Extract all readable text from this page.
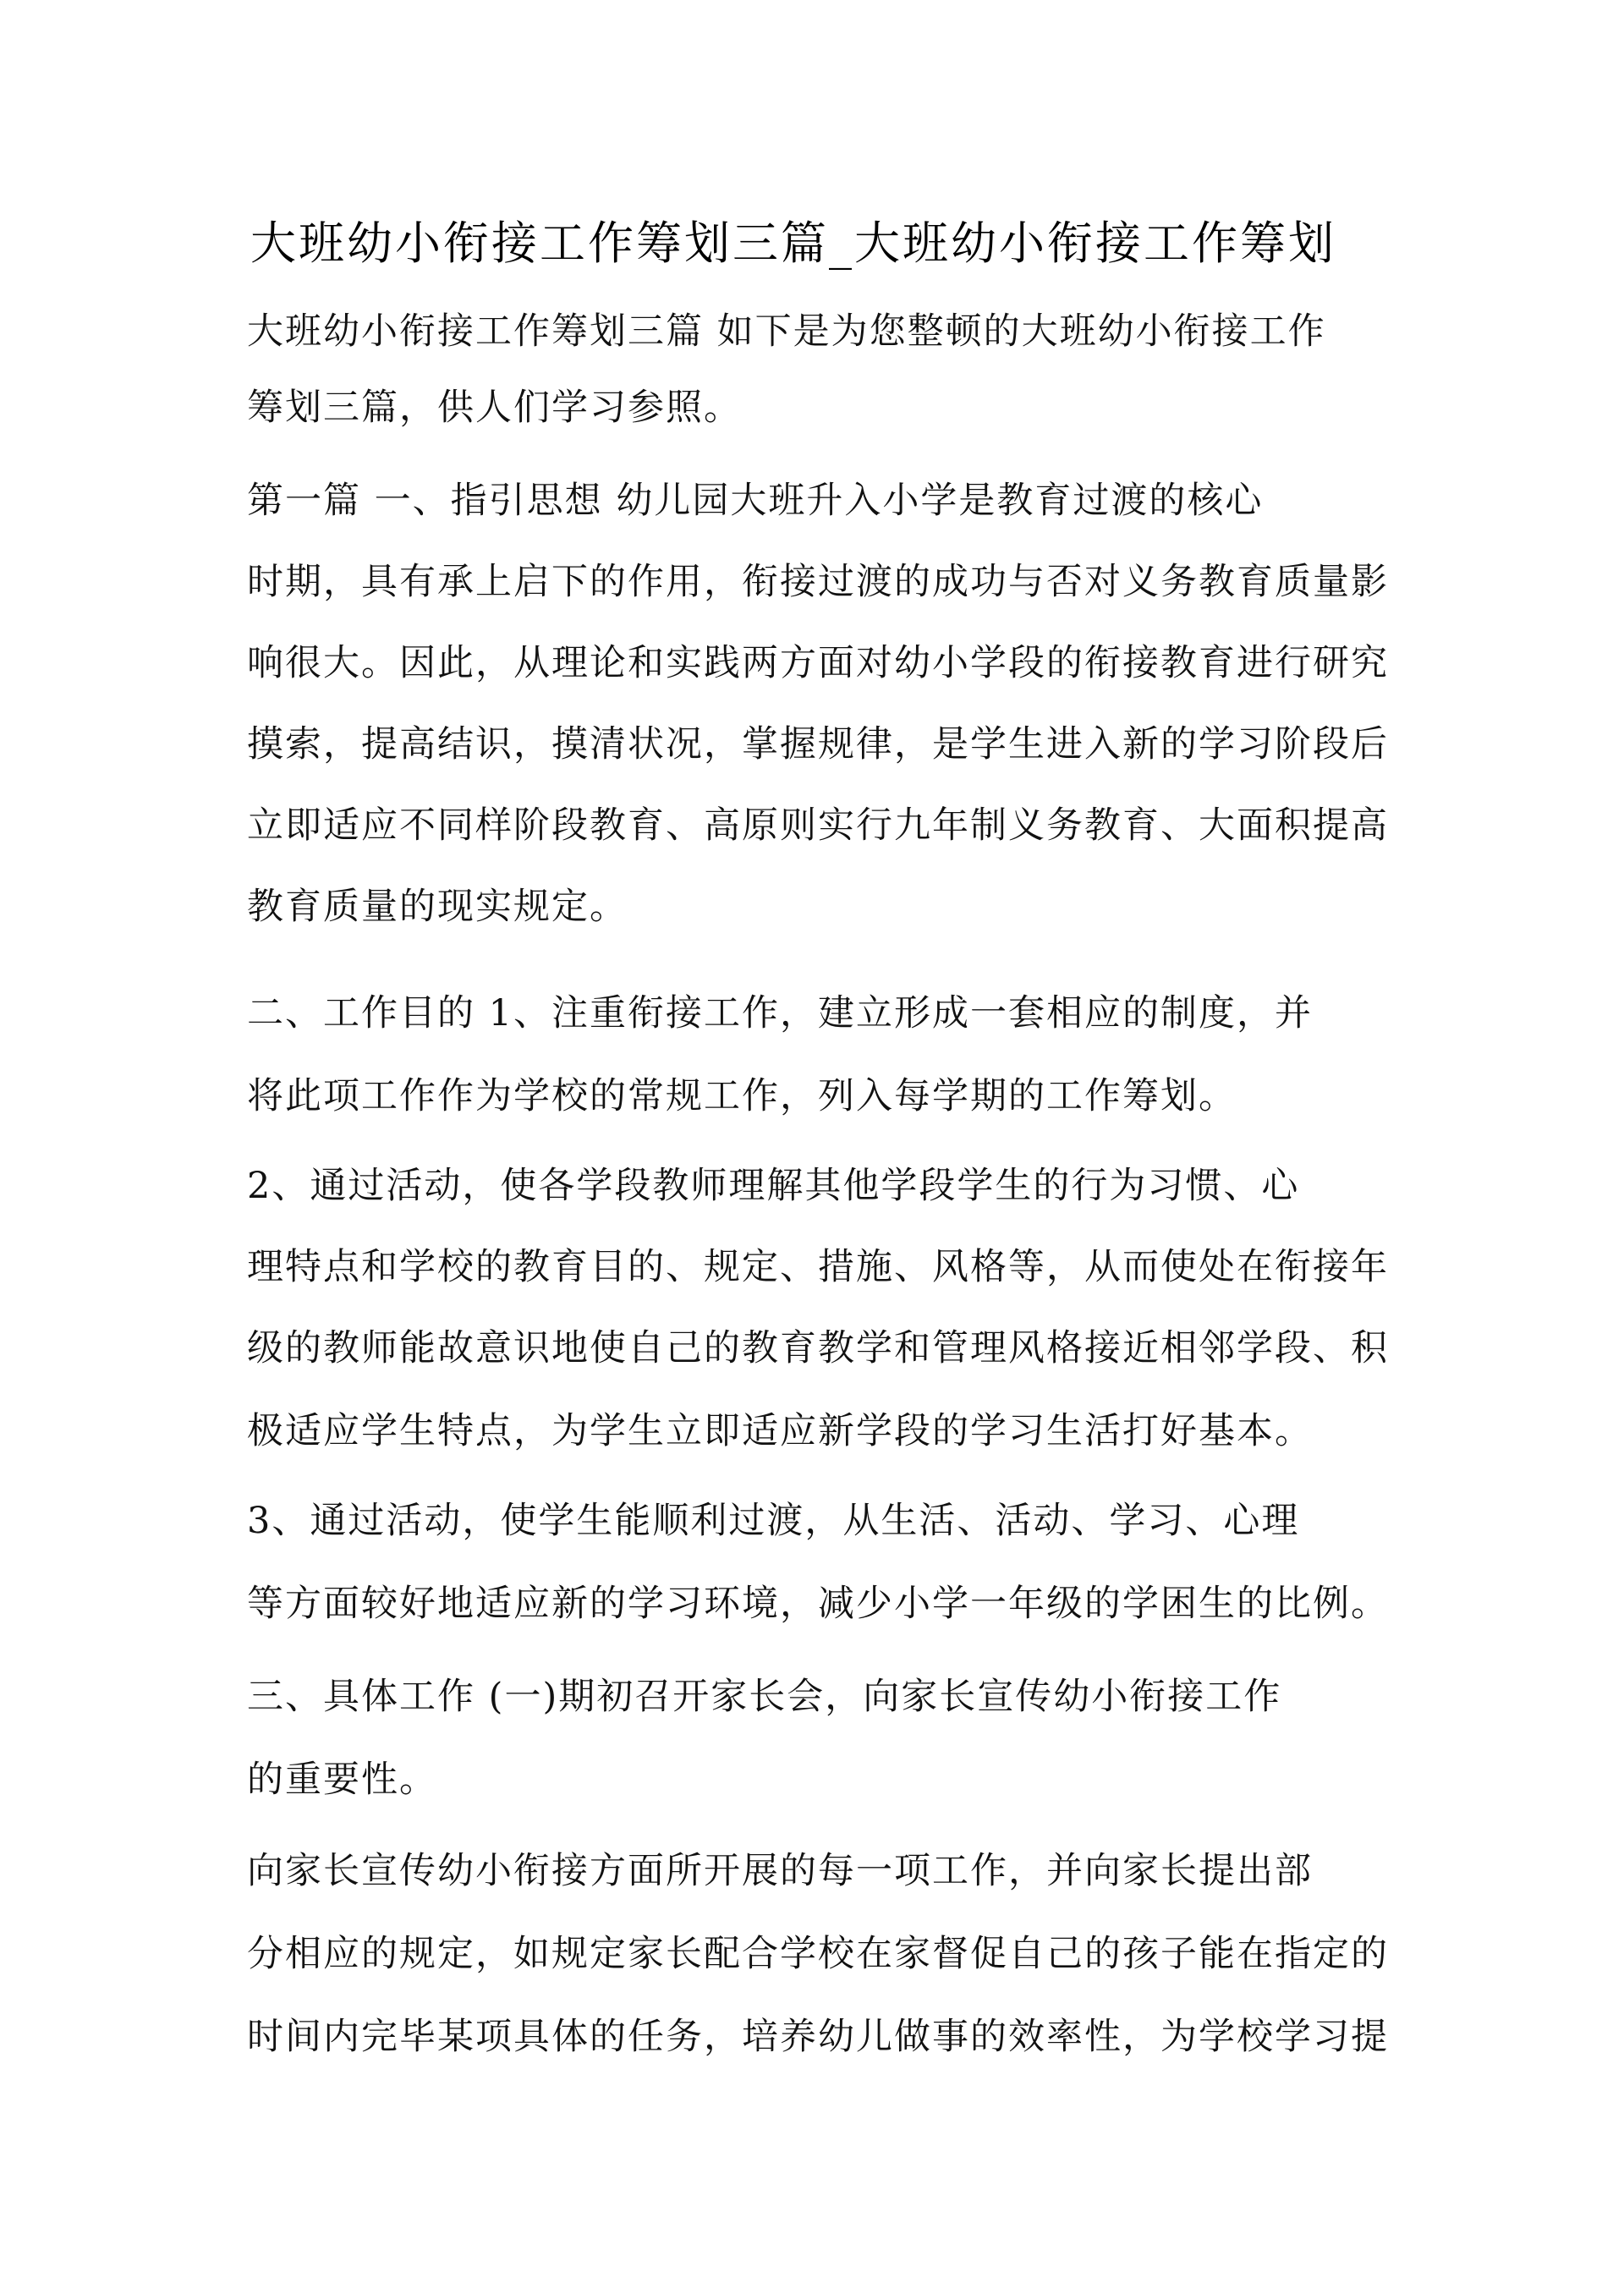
大班幼小衔接工作筹划三篇_大班幼小衔接工作筹划

大班幼小衔接工作筹划三篇 如下是为您整顿的大班幼小衔接工作

筹划三篇，供人们学习参照。

第一篇 一、指引思想 幼儿园大班升入小学是教育过渡的核心

时期，具有承上启下的作用，衔接过渡的成功与否对义务教育质量影

响很大。因此，从理论和实践两方面对幼小学段的衔接教育进行研究

摸索，提高结识，摸清状况，掌握规律，是学生进入新的学习阶段后

立即适应不同样阶段教育、高原则实行九年制义务教育、大面积提高

教育质量的现实规定。

二、工作目的 1、注重衔接工作，建立形成一套相应的制度，并

将此项工作作为学校的常规工作，列入每学期的工作筹划。

2、通过活动，使各学段教师理解其他学段学生的行为习惯、心

理特点和学校的教育目的、规定、措施、风格等，从而使处在衔接年

级的教师能故意识地使自己的教育教学和管理风格接近相邻学段、积

极适应学生特点，为学生立即适应新学段的学习生活打好基本。

3、通过活动，使学生能顺利过渡，从生活、活动、学习、心理

等方面较好地适应新的学习环境，减少小学一年级的学困生的比例。

三、具体工作 (一)期初召开家长会，向家长宣传幼小衔接工作

的重要性。

向家长宣传幼小衔接方面所开展的每一项工作，并向家长提出部

分相应的规定，如规定家长配合学校在家督促自己的孩子能在指定的

时间内完毕某项具体的任务，培养幼儿做事的效率性，为学校学习提
